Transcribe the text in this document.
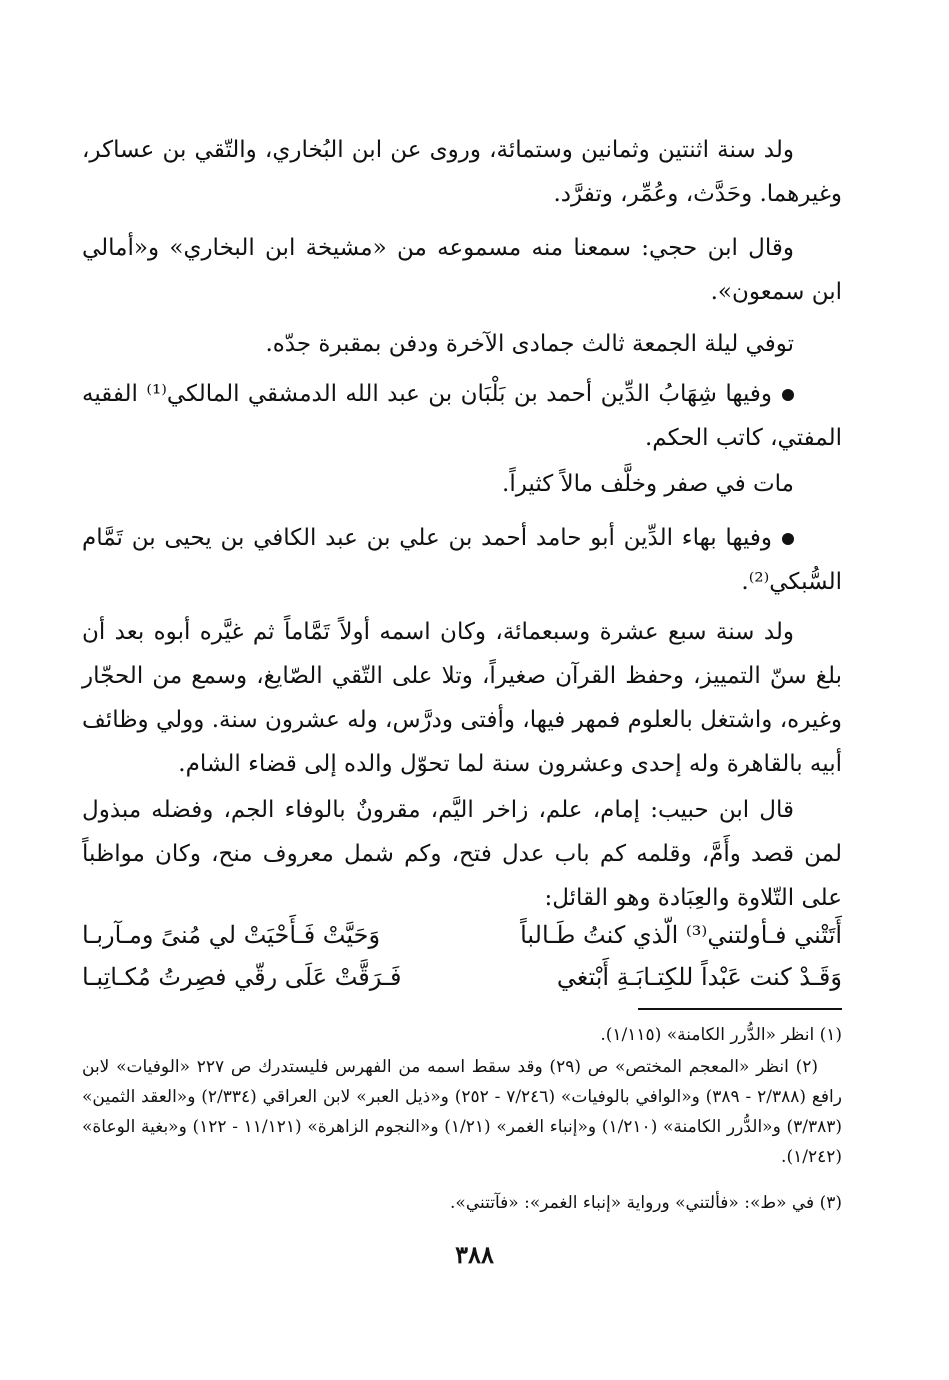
ولد سنة اثنتين وثمانين وستمائة، وروى عن ابن البُخاري، والتّقي بن عساكر، وغيرهما. وحَدَّث، وعُمِّر، وتفرَّد.

وقال ابن حجي: سمعنا منه مسموعه من «مشيخة ابن البخاري» و«أمالي ابن سمعون».

توفي ليلة الجمعة ثالث جمادى الآخرة ودفن بمقبرة جدّه.

وفيها شِهَابُ الدِّين أحمد بن بَلْبَان بن عبد الله الدمشقي المالكي⁽¹⁾ الفقيه المفتي، كاتب الحكم.

مات في صفر وخلَّف مالاً كثيراً.

وفيها بهاء الدِّين أبو حامد أحمد بن علي بن عبد الكافي بن يحيى بن تَمَّام السُّبكي⁽²⁾.

ولد سنة سبع عشرة وسبعمائة، وكان اسمه أولاً تَمَّاماً ثم غيَّره أبوه بعد أن بلغ سنّ التمييز، وحفظ القرآن صغيراً، وتلا على التّقي الصّايغ، وسمع من الحجّار وغيره، واشتغل بالعلوم فمهر فيها، وأفتى ودرَّس، وله عشرون سنة. وولي وظائف أبيه بالقاهرة وله إحدى وعشرون سنة لما تحوّل والده إلى قضاء الشام.

قال ابن حبيب: إمام، علم، زاخر اليَّم، مقرونٌ بالوفاء الجم، وفضله مبذول لمن قصد وأَمَّ، وقلمه كم باب عدل فتح، وكم شمل معروف منح، وكان مواظباً على التّلاوة والعِبَادة وهو القائل:

أَتَتْني فـأولتني⁽³⁾ الّذي كنتُ طَـالباً
وَحَيَّتْ فَـأَحْيَتْ لي مُنىً ومـآربـا
وَقَـدْ كنت عَبْداً للكِتـابَـةِ أَبْتغي
فَـرَقَّتْ عَلَى رقّي فصِرتُ مُكـاتِبـا

(١) انظر «الدُّرر الكامنة» (١/١١٥).

(٢) انظر «المعجم المختص» ص (٢٩) وقد سقط اسمه من الفهرس فليستدرك ص ٢٢٧ «الوفيات» لابن رافع (٢/٣٨٨ - ٣٨٩) و«الوافي بالوفيات» (٧/٢٤٦ - ٢٥٢) و«ذيل العبر» لابن العراقي (٢/٣٣٤) و«العقد الثمين» (٣/٣٨٣) و«الدُّرر الكامنة» (١/٢١٠) و«إنباء الغمر» (١/٢١) و«النجوم الزاهرة» (١١/١٢١ - ١٢٢) و«بغية الوعاة» (١/٢٤٢).

(٣) في «ط»: «فألتني» ورواية «إنباء الغمر»: «فآتتني».

٣٨٨
